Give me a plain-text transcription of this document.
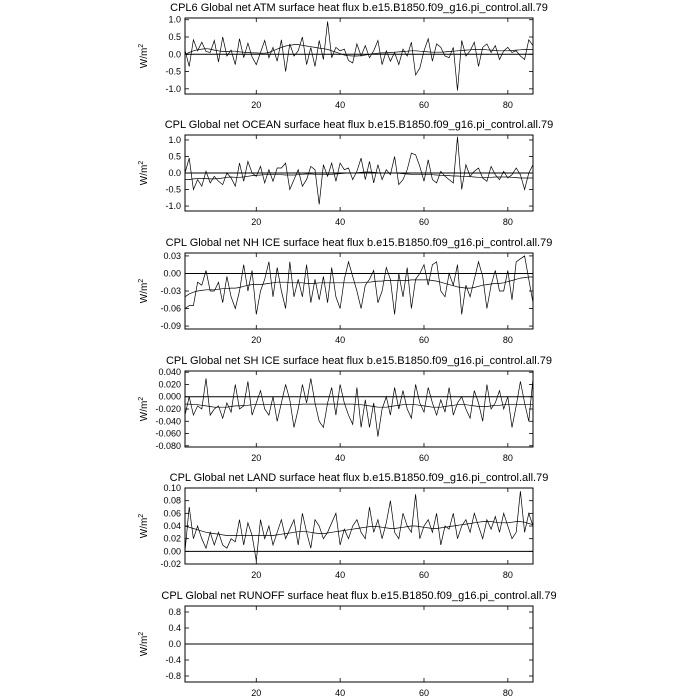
CPL6 Global net ATM surface heat flux b.e15.B1850.f09_g16.pi_control.all.79
$W/m^2$
-1.0
-0.5
0.0
0.5
1.0
20	40	60	80
CPL Global net OCEAN surface heat flux b.e15.B1850.f09_g16.pi_control.all.79
$W/m^2$
-1.0
-0.5
0.0
0.5
1.0
20	40	60	80
CPL Global net NH ICE surface heat flux b.e15.B1850.f09_g16.pi_control.all.79
$W/m^2$
-0.09
-0.06
-0.03
0.00
0.03
20	40	60	80
CPL Global net SH ICE surface heat flux b.e15.B1850.f09_g16.pi_control.all.79
$W/m^2$
-0.080
-0.060
-0.040
-0.020
0.000
0.020
0.040
20	40	60	80
CPL Global net LAND surface heat flux b.e15.B1850.f09_g16.pi_control.all.79
$W/m^2$
-0.02
0.00
0.02
0.04
0.06
0.08
0.10
20	40	60	80
CPL Global net RUNOFF surface heat flux b.e15.B1850.f09_g16.pi_control.all.79
$W/m^2$
-0.8
-0.4
0.0
0.4
0.8
20	40	60	80
